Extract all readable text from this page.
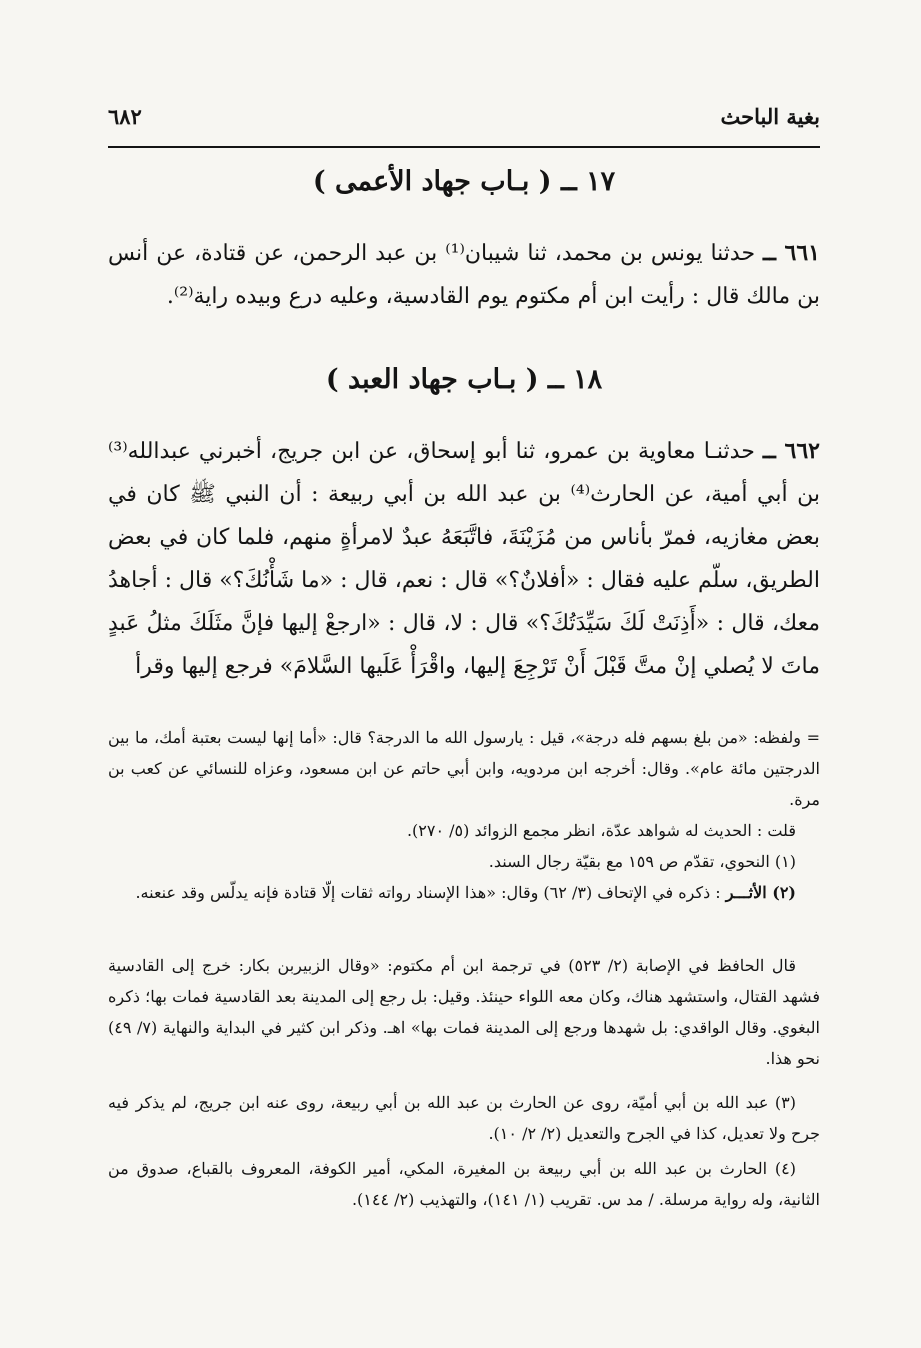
بغية الباحث
٦٨٢
١٧ ــ ( بـاب جهاد الأعمى )

٦٦١ ــ حدثنا يونس بن محمد، ثنا شيبان⁽¹⁾ بن عبد الرحمن، عن قتادة، عن أنس بن مالك قال : رأيت ابن أم مكتوم يوم القادسية، وعليه درع وبيده راية⁽²⁾.

١٨ ــ ( بـاب جهاد العبد )

٦٦٢ ــ حدثنـا معاوية بن عمرو، ثنا أبو إسحاق، عن ابن جريج، أخبرني عبدالله⁽³⁾ بن أبي أمية، عن الحارث⁽⁴⁾ بن عبد الله بن أبي ربيعة : أن النبي ﷺ كان في بعض مغازيه، فمرّ بأناس من مُزَيْنَةَ، فاتَّبَعَهُ عبدٌ لامرأةٍ منهم، فلما كان في بعض الطريق، سلّم عليه فقال : «أفلانٌ؟» قال : نعم، قال : «ما شَأْنُكَ؟» قال : أجاهدُ معك، قال : «أَذِنَتْ لَكَ سَيِّدَتُكَ؟» قال : لا، قال : «ارجعْ إليها فإنَّ مثَلَكَ مثلُ عَبدٍ ماتَ لا يُصلي إنْ متَّ قَبْلَ أَنْ تَرْجِعَ إليها، واقْرَأْ عَلَيها السَّلامَ» فرجع إليها وقرأ

= ولفظه: «من بلغ بسهم فله درجة»، قيل : يارسول الله ما الدرجة؟ قال: «أما إنها ليست بعتبة أمك، ما بين الدرجتين مائة عام». وقال: أخرجه ابن مردويه، وابن أبي حاتم عن ابن مسعود، وعزاه للنسائي عن كعب بن مرة.

قلت : الحديث له شواهد عدّة، انظر مجمع الزوائد (٥/ ٢٧٠).

(١) النحوي، تقدّم ص ١٥٩ مع بقيّة رجال السند.

(٢) الأثـــر : ذكره في الإتحاف (٣/ ٦٢) وقال: «هذا الإسناد رواته ثقات إلّا قتادة فإنه يدلّس وقد عنعنه.

قال الحافظ في الإصابة (٢/ ٥٢٣) في ترجمة ابن أم مكتوم: «وقال الزبيربن بكار: خرج إلى القادسية فشهد القتال، واستشهد هناك، وكان معه اللواء حينئذ. وقيل: بل رجع إلى المدينة بعد القادسية فمات بها؛ ذكره البغوي. وقال الواقدي: بل شهدها ورجع إلى المدينة فمات بها» اهـ. وذكر ابن كثير في البداية والنهاية (٧/ ٤٩) نحو هذا.

(٣) عبد الله بن أبي أميّة، روى عن الحارث بن عبد الله بن أبي ربيعة، روى عنه ابن جريج، لم يذكر فيه جرح ولا تعديل، كذا في الجرح والتعديل (٢/ ٢/ ١٠).

(٤) الحارث بن عبد الله بن أبي ربيعة بن المغيرة، المكي، أمير الكوفة، المعروف بالقباع، صدوق من الثانية، وله رواية مرسلة. / مد س. تقريب (١/ ١٤١)، والتهذيب (٢/ ١٤٤).
